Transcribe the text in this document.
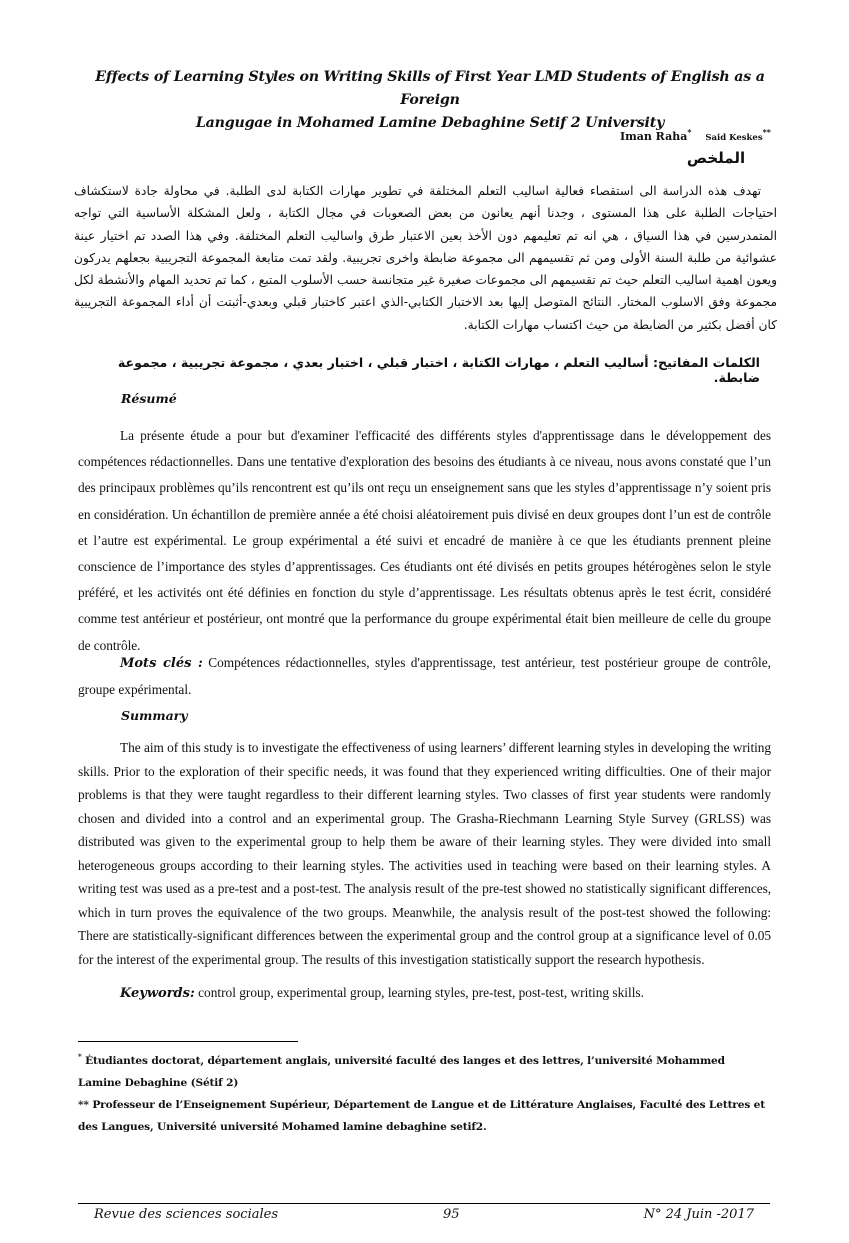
Effects of Learning Styles on Writing Skills of First Year LMD Students of English as a Foreign
Langugae in Mohamed Lamine Debaghine Setif 2 University
Iman Raha* Said Keskes**
الملخص
تهدف هذه الدراسة الى استقصاء فعالية اساليب التعلم المختلفة في تطوير مهارات الكتابة لدى الطلبة. في محاولة جادة لاستكشاف احتياجات الطلبة على هذا المستوى ، وجدنا أنهم يعانون من بعض الصعوبات في مجال الكتابة ، ولعل المشكلة الأساسية التي تواجه المتمدرسين في هذا السياق ، هي انه تم تعليمهم دون الأخذ بعين الاعتبار طرق واساليب التعلم المختلفة. وفي هذا الصدد تم اختيار عينة عشوائية من طلبة السنة الأولى ومن ثم تقسيمهم الى مجموعة ضابطة واخرى تجريبية. ولقد تمت متابعة المجموعة التجريبية بجعلهم يدركون ويعون اهمية اساليب التعلم حيث تم تقسيمهم الى مجموعات صغيرة غير متجانسة حسب الأسلوب المتبع ، كما تم تحديد المهام والأنشطة لكل مجموعة وفق الاسلوب المختار. النتائج المتوصل إليها بعد الاختبار الكتابي-الذي اعتبر كاختبار قبلي وبعدي-أثبتت أن أداء المجموعة التجريبية كان أفضل بكثير من الضابطة من حيث اكتساب مهارات الكتابة.
الكلمات المفاتيح: أساليب التعلم ، مهارات الكتابة ، اختبار قبلي ، اختبار بعدي ، مجموعة تجريبية ، مجموعة ضابطة.
Résumé
La présente étude a pour but d'examiner l'efficacité des différents styles d'apprentissage dans le développement des compétences rédactionnelles. Dans une tentative d'exploration des besoins des étudiants à ce niveau, nous avons constaté que l’un des principaux problèmes qu’ils rencontrent est qu’ils ont reçu un enseignement sans que les styles d’apprentissage n’y soient pris en considération. Un échantillon de première année a été choisi aléatoirement puis divisé en deux groupes dont l’un est de contrôle et l’autre est expérimental. Le group expérimental a été suivi et encadré de manière à ce que les étudiants prennent pleine conscience de l’importance des styles d’apprentissages. Ces étudiants ont été divisés en petits groupes hétérogènes selon le style préféré, et les activités ont été définies en fonction du style d’apprentissage. Les résultats obtenus après le test écrit, considéré comme test antérieur et postérieur, ont montré que la performance du groupe expérimental était bien meilleure de celle du groupe de contrôle.
Mots clés : Compétences rédactionnelles, styles d'apprentissage, test antérieur, test postérieur groupe de contrôle, groupe expérimental.
Summary
The aim of this study is to investigate the effectiveness of using learners’ different learning styles in developing the writing skills. Prior to the exploration of their specific needs, it was found that they experienced writing difficulties. One of their major problems is that they were taught regardless to their different learning styles. Two classes of first year students were randomly chosen and divided into a control and an experimental group. The Grasha-Riechmann Learning Style Survey (GRLSS) was distributed was given to the experimental group to help them be aware of their learning styles. They were divided into small heterogeneous groups according to their learning styles. The activities used in teaching were based on their learning styles. A writing test was used as a pre-test and a post-test. The analysis result of the pre-test showed no statistically significant differences, which in turn proves the equivalence of the two groups. Meanwhile, the analysis result of the post-test showed the following: There are statistically-significant differences between the experimental group and the control group at a significance level of 0.05 for the interest of the experimental group. The results of this investigation statistically support the research hypothesis.
Keywords: control group, experimental group, learning styles, pre-test, post-test, writing skills.
* Étudiantes doctorat, département anglais, université faculté des langes et des lettres, l’université Mohammed Lamine Debaghine (Sétif 2)
** Professeur de l’Enseignement Supérieur, Département de Langue et de Littérature Anglaises, Faculté des Lettres et des Langues, Université université Mohamed lamine debaghine setif2.
Revue des sciences sociales	95	N° 24 Juin -2017
